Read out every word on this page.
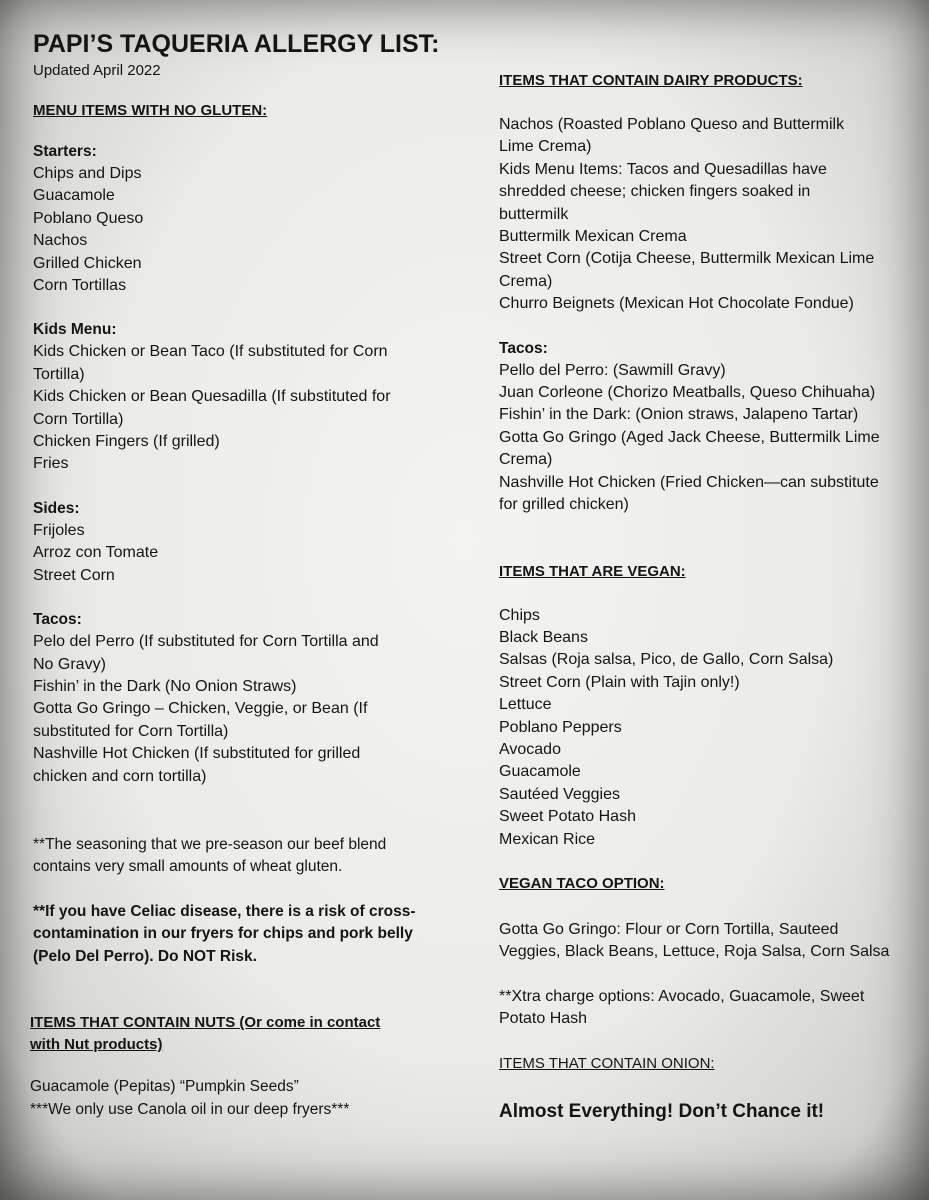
PAPI’S TAQUERIA ALLERGY LIST:

Updated April 2022

MENU ITEMS WITH NO GLUTEN:

Starters:

Chips and Dips

Guacamole

Poblano Queso

Nachos

Grilled Chicken

Corn Tortillas

Kids Menu:

Kids Chicken or Bean Taco (If substituted for Corn

Tortilla)

Kids Chicken or Bean Quesadilla (If substituted for

Corn Tortilla)

Chicken Fingers (If grilled)

Fries

Sides:

Frijoles

Arroz con Tomate

Street Corn

Tacos:

Pelo del Perro (If substituted for Corn Tortilla and

No Gravy)

Fishin’ in the Dark (No Onion Straws)

Gotta Go Gringo – Chicken, Veggie, or Bean (If

substituted for Corn Tortilla)

Nashville Hot Chicken (If substituted for grilled

chicken and corn tortilla)

**The seasoning that we pre-season our beef blend

contains very small amounts of wheat gluten.

**If you have Celiac disease, there is a risk of cross-

contamination in our fryers for chips and pork belly

(Pelo Del Perro). Do NOT Risk.

ITEMS THAT CONTAIN NUTS (Or come in contact

with Nut products)

Guacamole (Pepitas) “Pumpkin Seeds”

***We only use Canola oil in our deep fryers***

ITEMS THAT CONTAIN DAIRY PRODUCTS:

Nachos (Roasted Poblano Queso and Buttermilk

Lime Crema)

Kids Menu Items: Tacos and Quesadillas have

shredded cheese; chicken fingers soaked in

buttermilk

Buttermilk Mexican Crema

Street Corn (Cotija Cheese, Buttermilk Mexican Lime

Crema)

Churro Beignets (Mexican Hot Chocolate Fondue)

Tacos:

Pello del Perro: (Sawmill Gravy)

Juan Corleone (Chorizo Meatballs, Queso Chihuaha)

Fishin’ in the Dark: (Onion straws, Jalapeno Tartar)

Gotta Go Gringo (Aged Jack Cheese, Buttermilk Lime

Crema)

Nashville Hot Chicken (Fried Chicken—can substitute

for grilled chicken)

ITEMS THAT ARE VEGAN:

Chips

Black Beans

Salsas (Roja salsa, Pico, de Gallo, Corn Salsa)

Street Corn (Plain with Tajin only!)

Lettuce

Poblano Peppers

Avocado

Guacamole

Sautéed Veggies

Sweet Potato Hash

Mexican Rice

VEGAN TACO OPTION:

Gotta Go Gringo: Flour or Corn Tortilla, Sauteed

Veggies, Black Beans, Lettuce, Roja Salsa, Corn Salsa

**Xtra charge options: Avocado, Guacamole, Sweet

Potato Hash

ITEMS THAT CONTAIN ONION:

Almost Everything! Don’t Chance it!
